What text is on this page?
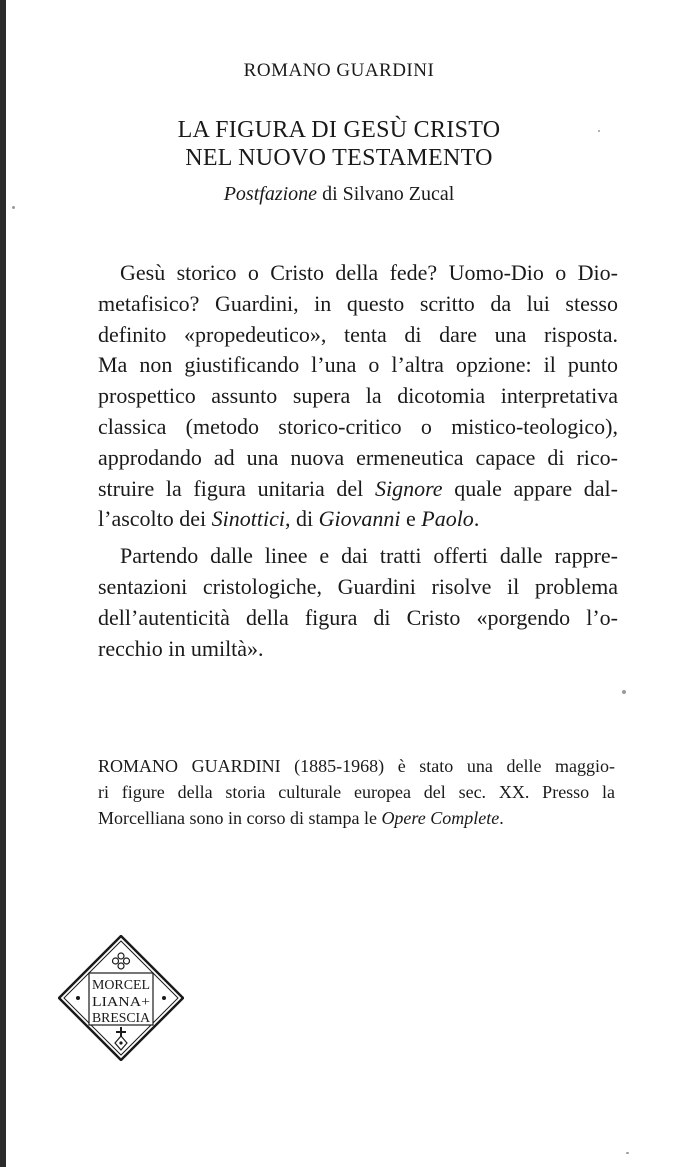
ROMANO GUARDINI
LA FIGURA DI GESÙ CRISTO
NEL NUOVO TESTAMENTO
Postfazione di Silvano Zucal

Gesù storico o Cristo della fede? Uomo-Dio o Dio-
metafisico? Guardini, in questo scritto da lui stesso
definito «propedeutico», tenta di dare una risposta.
Ma non giustificando l’una o l’altra opzione: il punto
prospettico assunto supera la dicotomia interpretativa
classica (metodo storico-critico o mistico-teologico),
approdando ad una nuova ermeneutica capace di rico-
struire la figura unitaria del Signore quale appare dal-
l’ascolto dei Sinottici, di Giovanni e Paolo.

Partendo dalle linee e dai tratti offerti dalle rappre-
sentazioni cristologiche, Guardini risolve il problema
dell’autenticità della figura di Cristo «porgendo l’o-
recchio in umiltà».

ROMANO GUARDINI (1885-1968) è stato una delle maggio-
ri figure della storia culturale europea del sec. XX. Presso la
Morcelliana sono in corso di stampa le Opere Complete.
MORCEL
LIANA+
BRESCIA
